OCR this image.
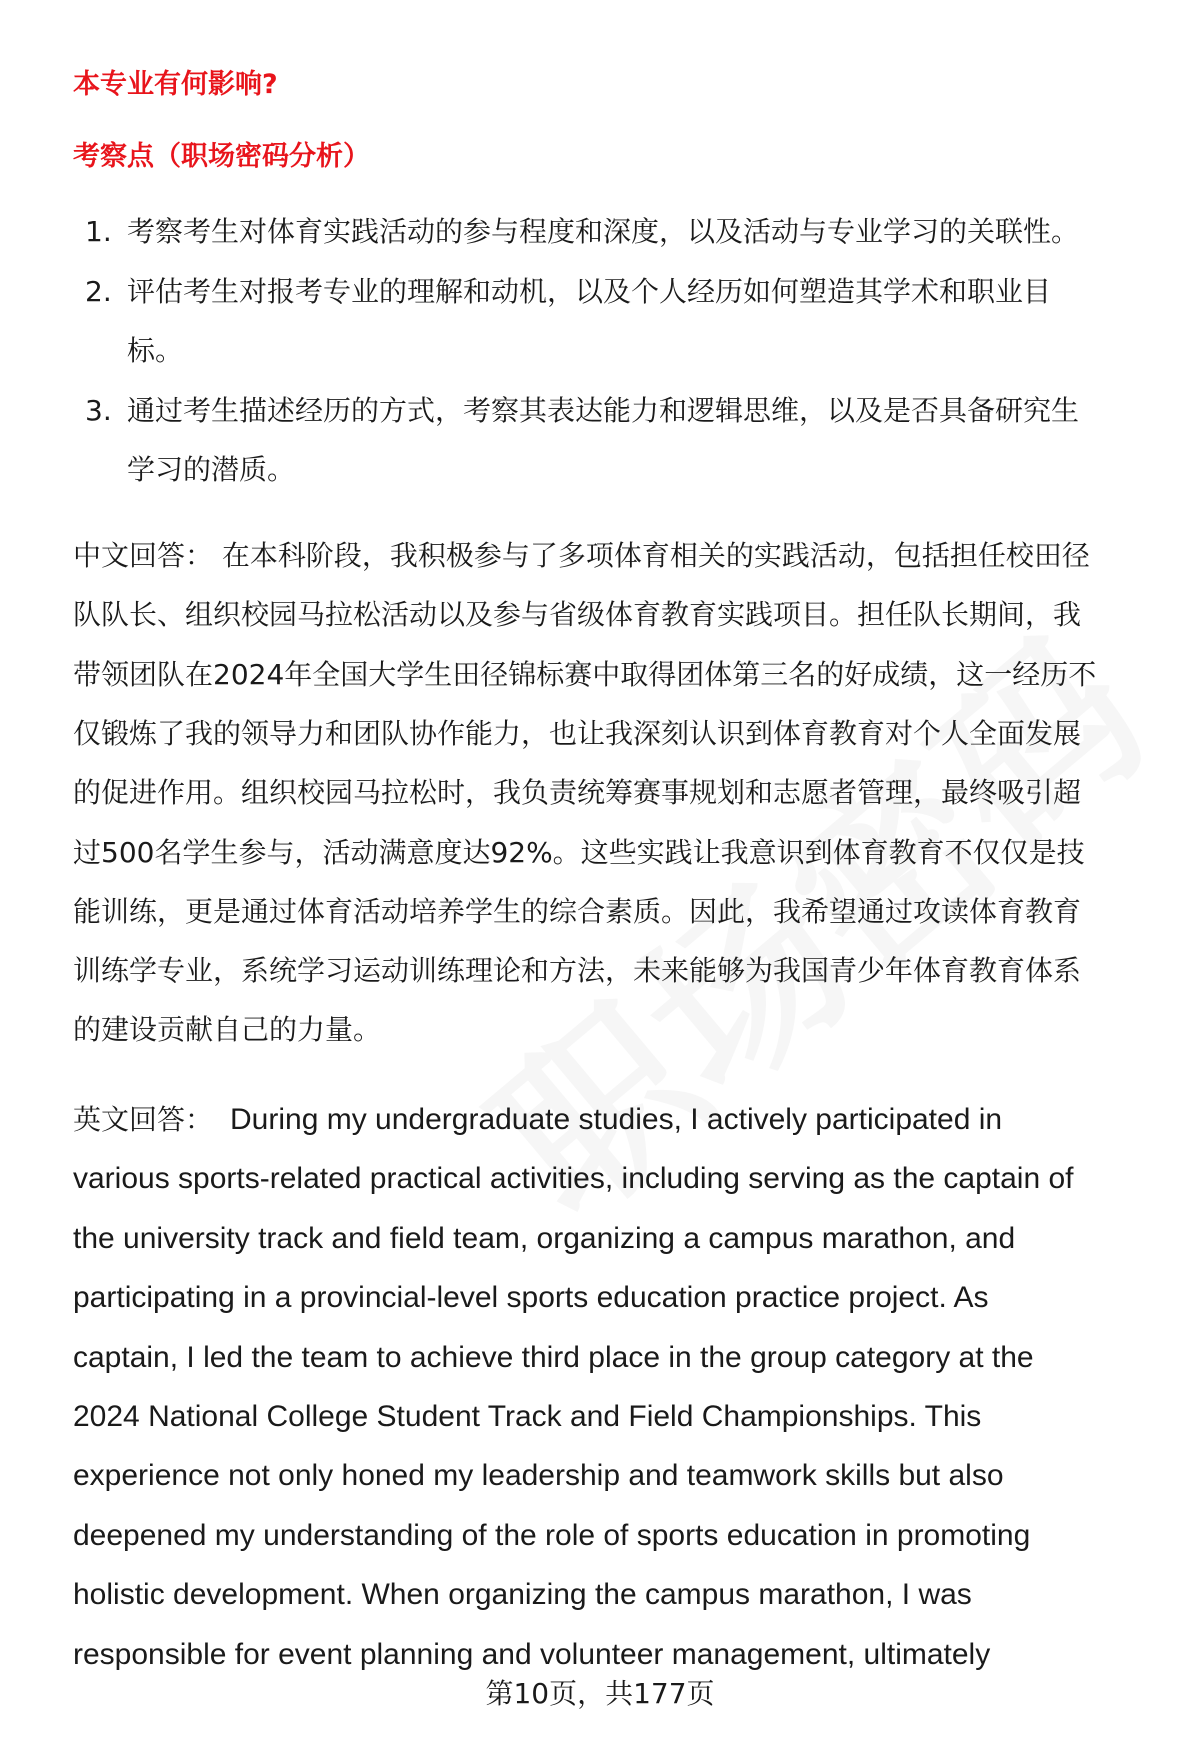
本专业有何影响?
考察点（职场密码分析）
1. 考察考生对体育实践活动的参与程度和深度，以及活动与专业学习的关联性。
2. 评估考生对报考专业的理解和动机，以及个人经历如何塑造其学术和职业目
标。
3. 通过考生描述经历的方式，考察其表达能力和逻辑思维，以及是否具备研究生
学习的潜质。
中文回答： 在本科阶段，我积极参与了多项体育相关的实践活动，包括担任校田径
队队长、组织校园马拉松活动以及参与省级体育教育实践项目。担任队长期间，我
带领团队在2024年全国大学生田径锦标赛中取得团体第三名的好成绩，这一经历不
仅锻炼了我的领导力和团队协作能力，也让我深刻认识到体育教育对个人全面发展
的促进作用。组织校园马拉松时，我负责统筹赛事规划和志愿者管理，最终吸引超
过500名学生参与，活动满意度达92%。这些实践让我意识到体育教育不仅仅是技
能训练，更是通过体育活动培养学生的综合素质。因此，我希望通过攻读体育教育
训练学专业，系统学习运动训练理论和方法，未来能够为我国青少年体育教育体系
的建设贡献自己的力量。
英文回答： During my undergraduate studies, I actively participated in
various sports-related practical activities, including serving as the captain of
the university track and field team, organizing a campus marathon, and
participating in a provincial-level sports education practice project. As
captain, I led the team to achieve third place in the group category at the
2024 National College Student Track and Field Championships. This
experience not only honed my leadership and teamwork skills but also
deepened my understanding of the role of sports education in promoting
holistic development. When organizing the campus marathon, I was
responsible for event planning and volunteer management, ultimately
第10页，共177页
